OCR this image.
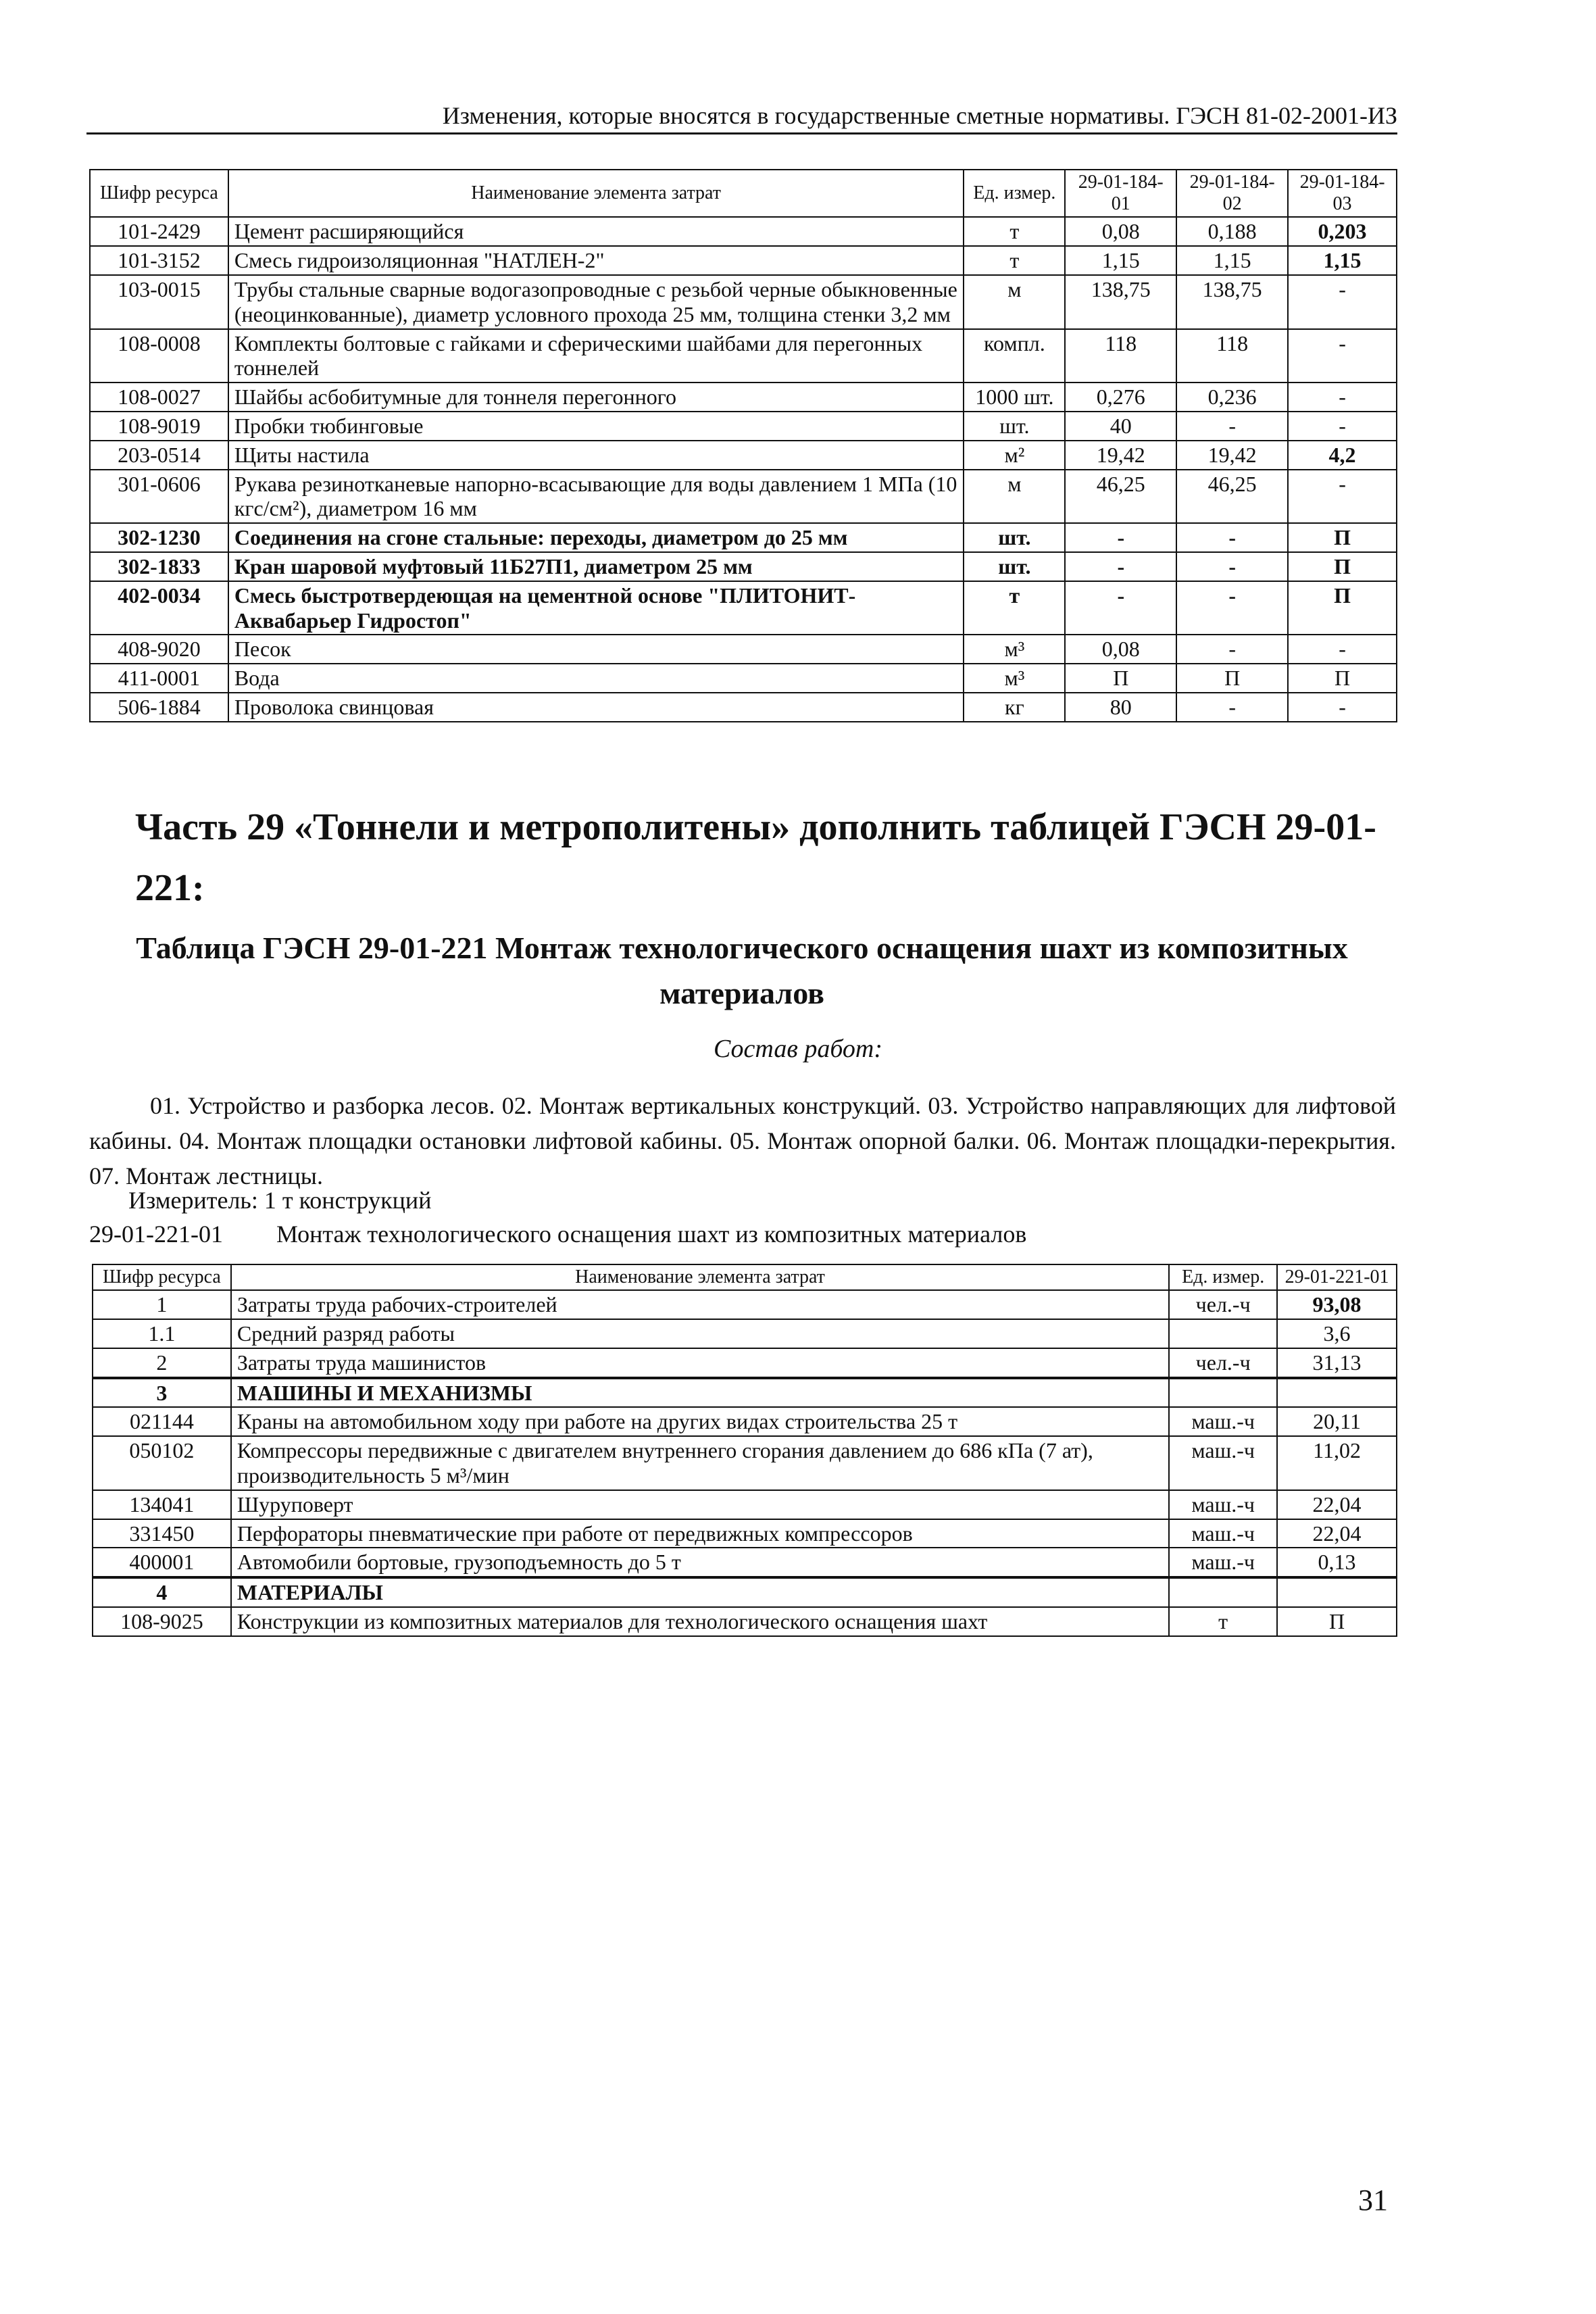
Изменения, которые вносятся в государственные сметные нормативы. ГЭСН 81-02-2001-ИЗ
Шифр ресурса	Наименование элемента затрат	Ед. измер.	29-01-184-01	29-01-184-02	29-01-184-03
101-2429	Цемент расширяющийся	т	0,08	0,188	0,203
101-3152	Смесь гидроизоляционная "НАТЛЕН-2"	т	1,15	1,15	1,15
103-0015	Трубы стальные сварные водогазопроводные с резьбой черные обыкновенные (неоцинкованные), диаметр условного прохода 25 мм, толщина стенки 3,2 мм	м	138,75	138,75	-
108-0008	Комплекты болтовые с гайками и сферическими шайбами для перегонных тоннелей	компл.	118	118	-
108-0027	Шайбы асбобитумные для тоннеля перегонного	1000 шт.	0,276	0,236	-
108-9019	Пробки тюбинговые	шт.	40	-	-
203-0514	Щиты настила	м²	19,42	19,42	4,2
301-0606	Рукава резинотканевые напорно-всасывающие для воды давлением 1 МПа (10 кгс/см²), диаметром 16 мм	м	46,25	46,25	-
302-1230	Соединения на сгоне стальные: переходы, диаметром до 25 мм	шт.	-	-	П
302-1833	Кран шаровой муфтовый 11Б27П1, диаметром 25 мм	шт.	-	-	П
402-0034	Смесь быстротвердеющая на цементной основе "ПЛИТОНИТ-Аквабарьер Гидростоп"	т	-	-	П
408-9020	Песок	м³	0,08	-	-
411-0001	Вода	м³	П	П	П
506-1884	Проволока свинцовая	кг	80	-	-
Часть 29 «Тоннели и метрополитены» дополнить таблицей ГЭСН 29-01-221:
Таблица ГЭСН 29-01-221 Монтаж технологического оснащения шахт из композитных материалов
Состав работ:
01. Устройство и разборка лесов. 02. Монтаж вертикальных конструкций. 03. Устройство направляющих для лифтовой кабины. 04. Монтаж площадки остановки лифтовой кабины. 05. Монтаж опорной балки. 06. Монтаж площадки-перекрытия. 07. Монтаж лестницы.
Измеритель: 1 т конструкций
29-01-221-01 Монтаж технологического оснащения шахт из композитных материалов
Шифр ресурса	Наименование элемента затрат	Ед. измер.	29-01-221-01
1	Затраты труда рабочих-строителей	чел.-ч	93,08
1.1	Средний разряд работы		3,6
2	Затраты труда машинистов	чел.-ч	31,13
3	МАШИНЫ И МЕХАНИЗМЫ		
021144	Краны на автомобильном ходу при работе на других видах строительства 25 т	маш.-ч	20,11
050102	Компрессоры передвижные с двигателем внутреннего сгорания давлением до 686 кПа (7 ат), производительность 5 м³/мин	маш.-ч	11,02
134041	Шуруповерт	маш.-ч	22,04
331450	Перфораторы пневматические при работе от передвижных компрессоров	маш.-ч	22,04
400001	Автомобили бортовые, грузоподъемность до 5 т	маш.-ч	0,13
4	МАТЕРИАЛЫ		
108-9025	Конструкции из композитных материалов для технологического оснащения шахт	т	П
31
